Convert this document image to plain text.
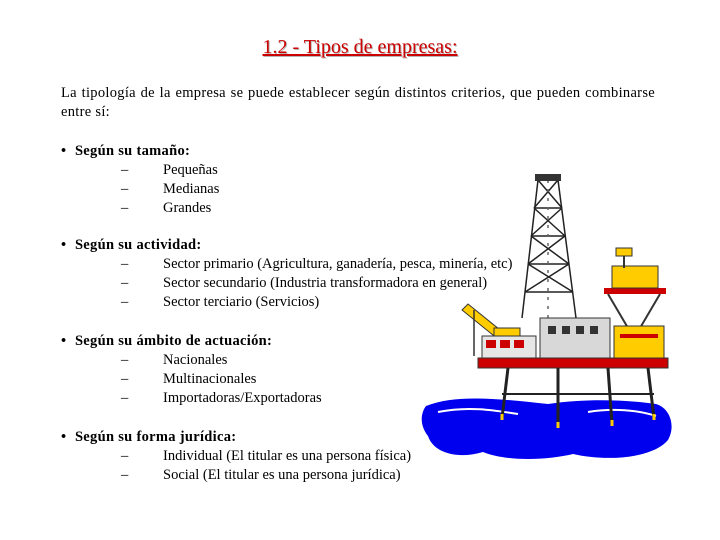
1.2 - Tipos de empresas:
La tipología de la empresa se puede establecer según distintos criterios, que pueden combinarse entre sí:
• Según su tamaño:
– Pequeñas
– Medianas
– Grandes
• Según su actividad:
– Sector primario (Agricultura, ganadería, pesca, minería, etc)
– Sector secundario (Industria transformadora en general)
– Sector terciario (Servicios)
• Según su ámbito de actuación:
– Nacionales
– Multinacionales
– Importadoras/Exportadoras
• Según su forma jurídica:
– Individual (El titular es una persona física)
– Social (El titular es una persona jurídica)
